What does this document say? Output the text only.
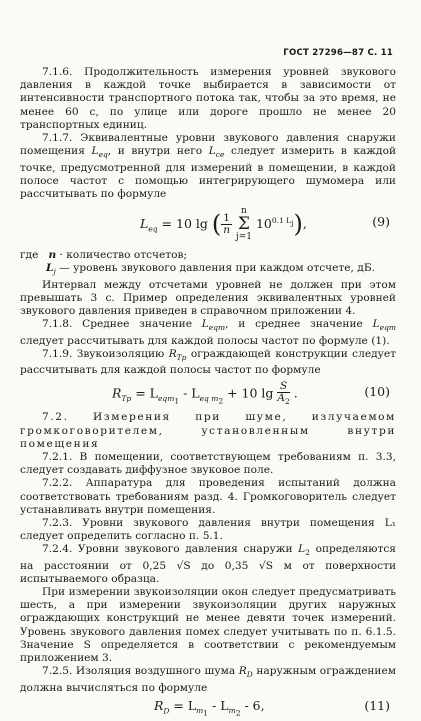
ГОСТ 27296—87 С. 11

7.1.6. Продолжительность измерения уровней звукового давления в каждой точке выбирается в зависимости от интенсивности транспортного потока так, чтобы за это время, не менее 60 с, по улице или дороге прошло не менее 20 транспортных единиц.

7.1.7. Эквивалентные уровни звукового давления снаружи помещения $L_{eq}$, и внутри него $L_{ce}$ следует измерить в каждой точке, предусмотренной для измерений в помещении, в каждой полосе частот с помощью интегрирующего шумомера или рассчитывать по формуле

$L_{eq} = 10$ lg ( $\frac{1}{n}$
n
Σ
j=1 $10^{0.1 L_j}$),	(9)

где n · количество отсчетов;

$L_j$ — уровень звукового давления при каждом отсчете, дБ.

Интервал между отсчетами уровней не должен при этом превышать 3 с. Пример определения эквивалентных уровней звукового давления приведен в справочном приложении 4.

7.1.8. Среднее значение $L_{eqm}$, и среднее значение $L_{eqm}$ следует рассчитывать для каждой полосы частот по формуле (1).

7.1.9. Звукоизоляцию $R_{Tp}$ ограждающей конструкции следует рассчитывать для каждой полосы частот по формуле

$R_{Tp} = L_{eqm_1} - L_{eq m_2} + 10$ $\lg \frac{S}{A_2}$ .	(10)

7.2. Измерения при шуме, излучаемом громкоговорителем, установленным внутри помещения

7.2.1. В помещении, соответствующем требованиям п. 3.3, следует создавать диффузное звуковое поле.

7.2.2. Аппаратура для проведения испытаний должна соответствовать требованиям разд. 4. Громкоговоритель следует устанавливать внутри помещения.

7.2.3. Уровни звукового давления внутри помещения L₁ следует определить согласно п. 5.1.

7.2.4. Уровни звукового давления снаружи $L_2$ определяются на расстоянии от 0,25 √S до 0,35 √S м от поверхности испытываемого образца.

При измерении звукоизоляции окон следует предусматривать шесть, а при измерении звукоизоляции других наружных ограждающих конструкций не менее девяти точек измерений. Уровень звукового давления помех следует учитывать по п. 6.1.5. Значение S определяется в соответствии с рекомендуемым приложением 3.

7.2.5. Изоляция воздушного шума $R_D$ наружным ограждением должна вычисляться по формуле

$R_D = L_{m_1} - L_{m_2} - 6$,	(11)
